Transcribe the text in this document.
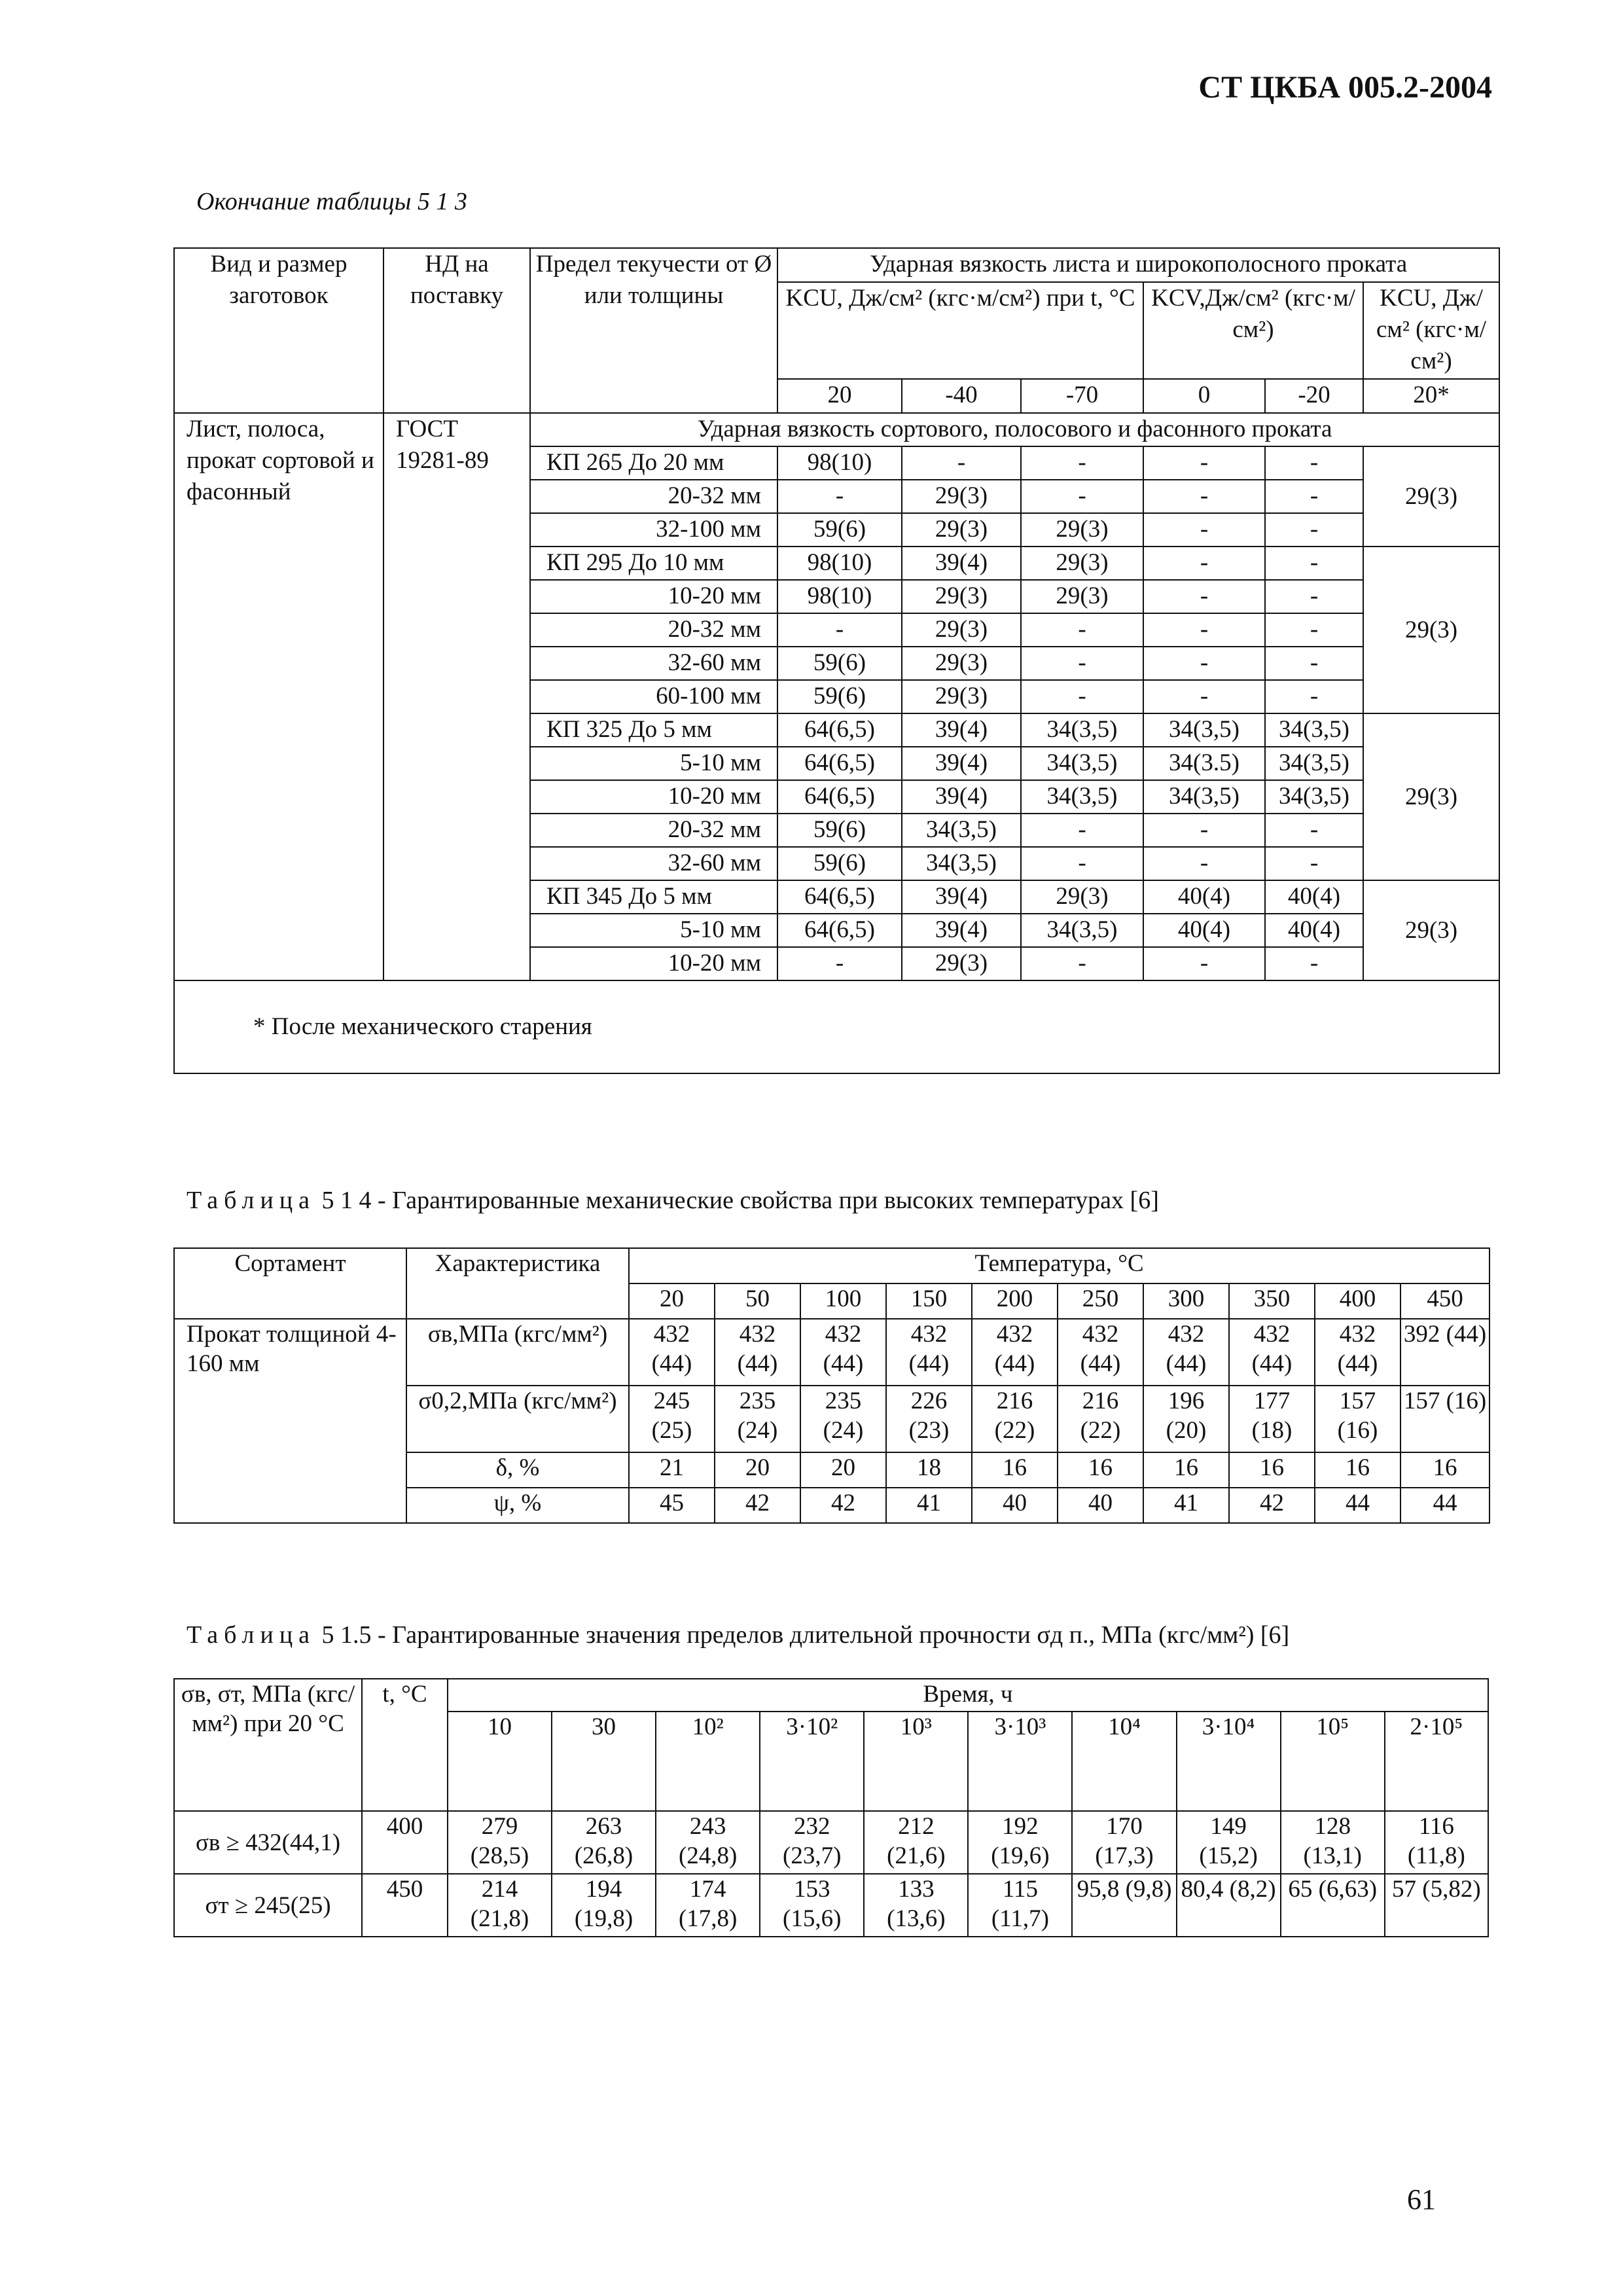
СТ ЦКБА 005.2-2004
Окончание таблицы 5 1 3
Вид и размер заготовок	НД на поставку	Предел текучести от Ø или толщины	Ударная вязкость листа и широкополосного проката					
			KCU, Дж/см² (кгс·м/см²) при t, °C			KCV,Дж/см² (кгс·м/см²)		KCU, Дж/см² (кгс·м/см²)
			20	-40	-70	0	-20	20*
Лист, полоса, прокат сортовой и фасонный	ГОСТ 19281-89	Ударная вязкость сортового, полосового и фасонного проката						
		КП 265 До 20 мм	98(10)	-	-	-	-	29(3)
		20-32 мм	-	29(3)	-	-	-	
		32-100 мм	59(6)	29(3)	29(3)	-	-	
		КП 295 До 10 мм	98(10)	39(4)	29(3)	-	-	29(3)
		10-20 мм	98(10)	29(3)	29(3)	-	-	
		20-32 мм	-	29(3)	-	-	-	
		32-60 мм	59(6)	29(3)	-	-	-	
		60-100 мм	59(6)	29(3)	-	-	-	
		КП 325 До 5 мм	64(6,5)	39(4)	34(3,5)	34(3,5)	34(3,5)	29(3)
		5-10 мм	64(6,5)	39(4)	34(3,5)	34(3.5)	34(3,5)	
		10-20 мм	64(6,5)	39(4)	34(3,5)	34(3,5)	34(3,5)	
		20-32 мм	59(6)	34(3,5)	-	-	-	
		32-60 мм	59(6)	34(3,5)	-	-	-	
		КП 345 До 5 мм	64(6,5)	39(4)	29(3)	40(4)	40(4)	29(3)
		5-10 мм	64(6,5)	39(4)	34(3,5)	40(4)	40(4)	
		10-20 мм	-	29(3)	-	-	-	
* После механического старения								
Таблица 5 1 4 - Гарантированные механические свойства при высоких температурах [6]
Сортамент	Характеристика	Температура, °С									
		20	50	100	150	200	250	300	350	400	450
Прокат толщиной 4-160 мм	σв,МПа (кгс/мм²)	432 (44)	432 (44)	432 (44)	432 (44)	432 (44)	432 (44)	432 (44)	432 (44)	432 (44)	392 (44)
	σ0,2,МПа (кгс/мм²)	245 (25)	235 (24)	235 (24)	226 (23)	216 (22)	216 (22)	196 (20)	177 (18)	157 (16)	157 (16)
	δ, %	21	20	20	18	16	16	16	16	16	16
	ψ, %	45	42	42	41	40	40	41	42	44	44
Таблица 5 1.5 - Гарантированные значения пределов длительной прочности σд п., МПа (кгс/мм²) [6]
σв, σт, МПа (кгс/мм²) при 20 °С	t, °С	Время, ч									
		10	30	10²	3·10²	10³	3·10³	10⁴	3·10⁴	10⁵	2·10⁵
σв ≥ 432(44,1)	400	279 (28,5)	263 (26,8)	243 (24,8)	232 (23,7)	212 (21,6)	192 (19,6)	170 (17,3)	149 (15,2)	128 (13,1)	116 (11,8)
σт ≥ 245(25)	450	214 (21,8)	194 (19,8)	174 (17,8)	153 (15,6)	133 (13,6)	115 (11,7)	95,8 (9,8)	80,4 (8,2)	65 (6,63)	57 (5,82)
61
